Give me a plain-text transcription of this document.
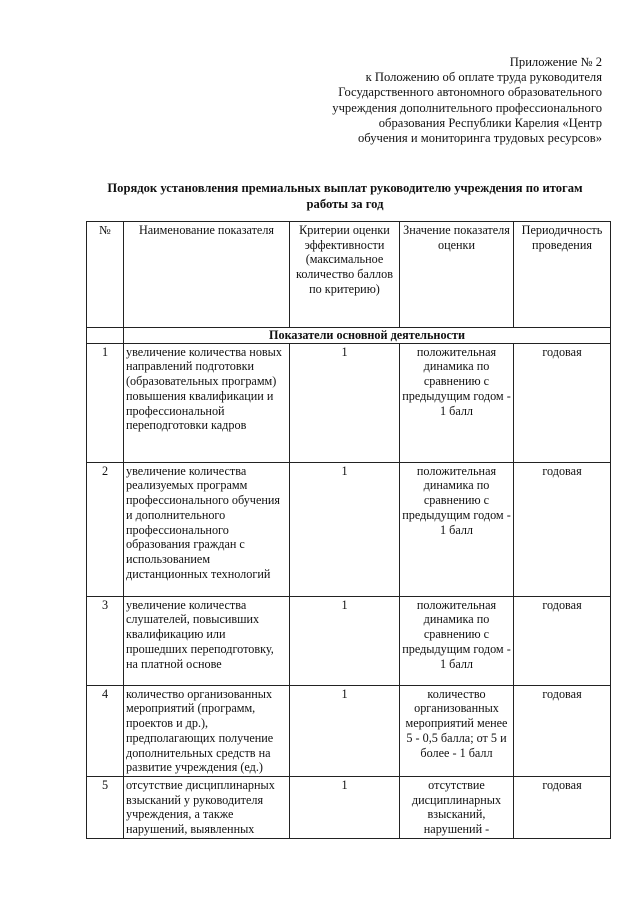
Приложение № 2
к Положению об оплате труда руководителя
Государственного автономного образовательного
учреждения дополнительного профессионального
образования Республики Карелия «Центр
обучения и мониторинга трудовых ресурсов»
Порядок установления премиальных выплат руководителю учреждения по итогам работы за год
№	Наименование показателя	Критерии оценки эффективности (максимальное количество баллов по критерию)	Значение показателя оценки	Периодичность проведения
	Показатели основной деятельности			
1	увеличение количества новых направлений подготовки (образовательных программ) повышения квалификации и профессиональной переподготовки кадров	1	положительная динамика по сравнению с предыдущим годом - 1 балл	годовая
2	увеличение количества реализуемых программ профессионального обучения и дополнительного профессионального образования граждан с использованием дистанционных технологий	1	положительная динамика по сравнению с предыдущим годом - 1 балл	годовая
3	увеличение количества слушателей, повысивших квалификацию или прошедших переподготовку, на платной основе	1	положительная динамика по сравнению с предыдущим годом - 1 балл	годовая
4	количество организованных мероприятий (программ, проектов и др.), предполагающих получение дополнительных средств на развитие учреждения (ед.)	1	количество организованных мероприятий менее 5 - 0,5 балла; от 5 и более - 1 балл	годовая
5	отсутствие дисциплинарных взысканий у руководителя учреждения, а также нарушений, выявленных	1	отсутствие дисциплинарных взысканий, нарушений -	годовая
